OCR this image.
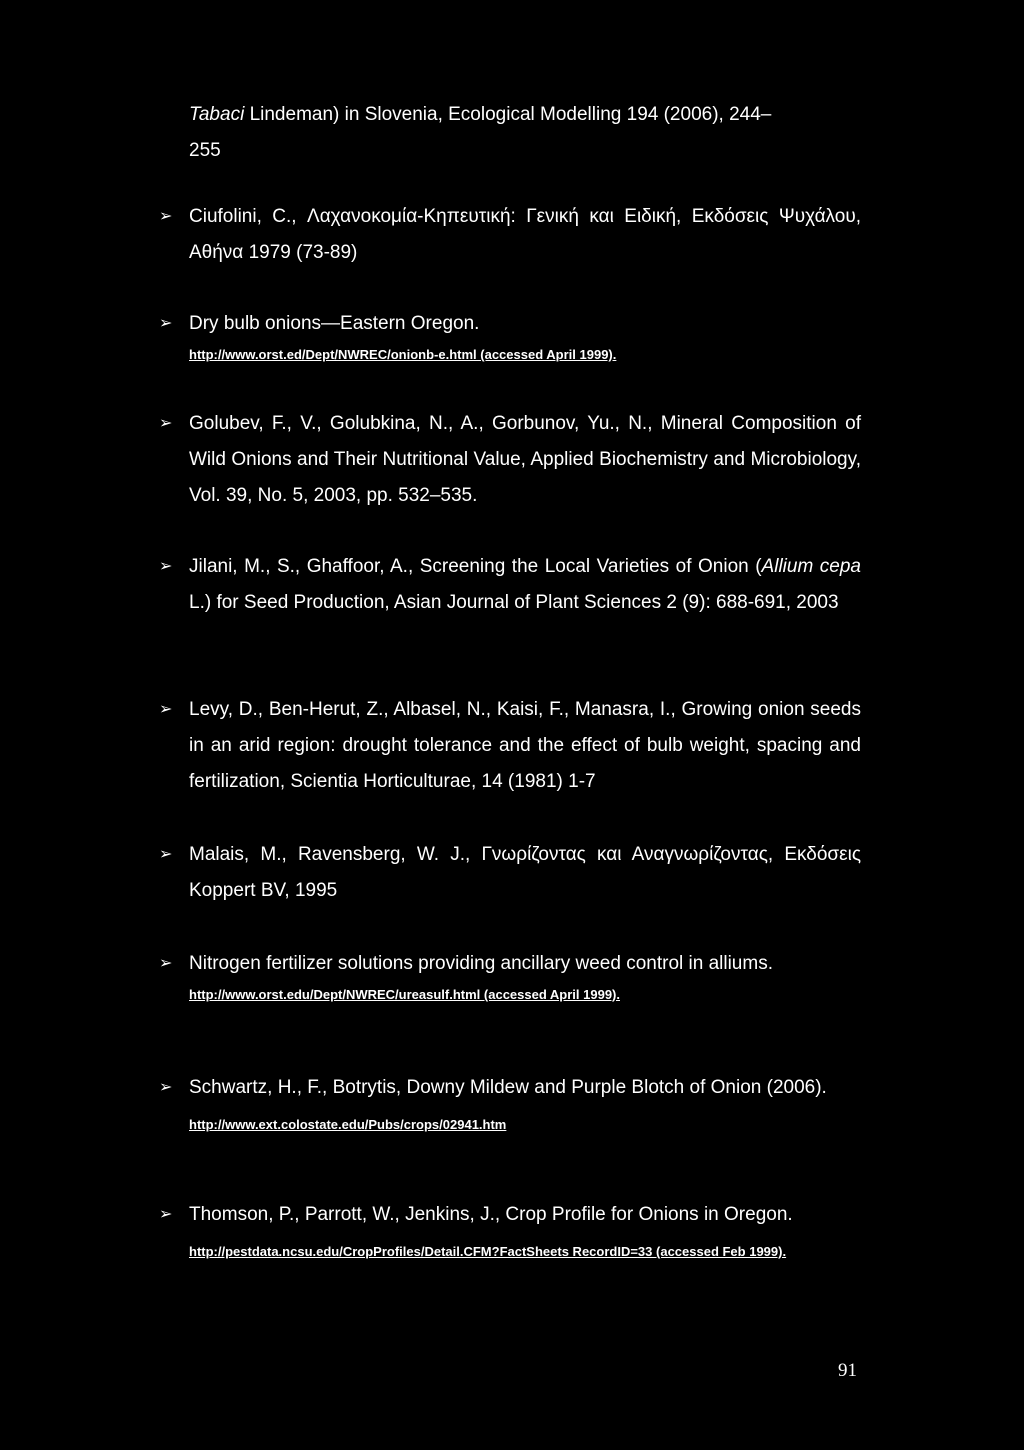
Tabaci Lindeman) in Slovenia, Ecological Modelling 194 (2006), 244–
255

➢ Ciufolini, C., Λαχανοκομία-Κηπευτική: Γενική και Ειδική, Εκδόσεις Ψυχάλου, Αθήνα 1979 (73-89)

➢ Dry bulb onions—Eastern Oregon.
http://www.orst.ed/Dept/NWREC/onionb-e.html (accessed April 1999).

➢ Golubev, F., V., Golubkina, N., A., Gorbunov, Yu., N., Mineral Composition of Wild Onions and Their Nutritional Value, Applied Biochemistry and Microbiology, Vol. 39, No. 5, 2003, pp. 532–535.

➢ Jilani, M., S., Ghaffoor, A., Screening the Local Varieties of Onion (Allium cepa L.) for Seed Production, Asian Journal of Plant Sciences 2 (9): 688-691, 2003

➢ Levy, D., Ben-Herut, Z., Albasel, N., Kaisi, F., Manasra, I., Growing onion seeds in an arid region: drought tolerance and the effect of bulb weight, spacing and fertilization, Scientia Horticulturae, 14 (1981) 1-7

➢ Malais, M., Ravensberg, W. J., Γνωρίζοντας και Αναγνωρίζοντας, Εκδόσεις Koppert BV, 1995

➢ Nitrogen fertilizer solutions providing ancillary weed control in alliums.
http://www.orst.edu/Dept/NWREC/ureasulf.html (accessed April 1999).

➢ Schwartz, H., F., Botrytis, Downy Mildew and Purple Blotch of Onion (2006). http://www.ext.colostate.edu/Pubs/crops/02941.htm

➢ Thomson, P., Parrott, W., Jenkins, J., Crop Profile for Onions in Oregon. http://pestdata.ncsu.edu/CropProfiles/Detail.CFM?FactSheets RecordID=33 (accessed Feb 1999).

91
